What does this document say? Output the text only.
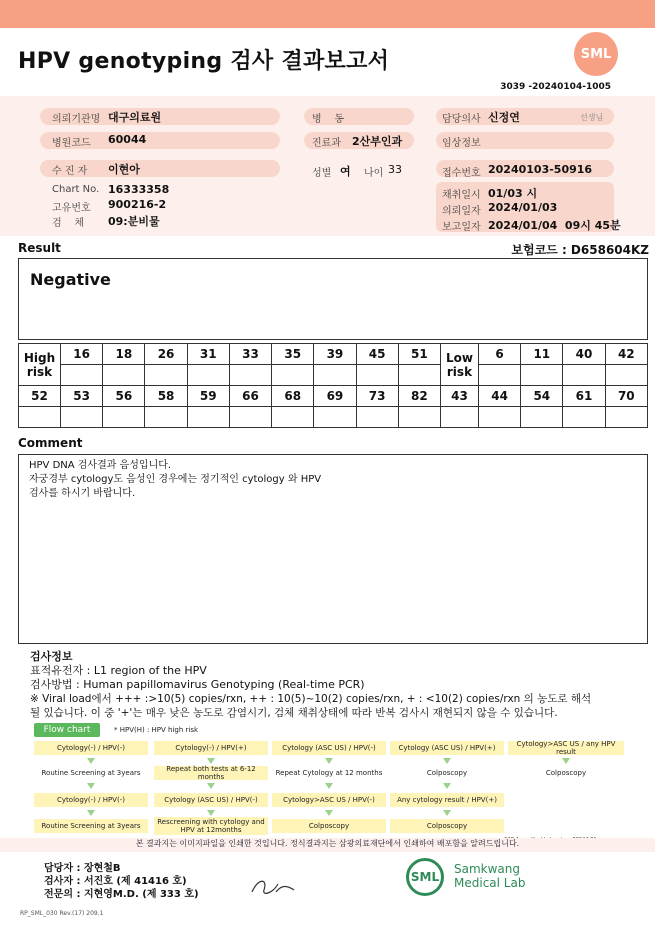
HPV genotyping 검사 결과보고서	SML
3039 -20240104-1005
의뢰기관명 대구의료원
병원코드 60044
수 진 자 이현아
Chart No. 16333358
고유번호 900216-2
검    체 09:분비물
병    동
진료과 2산부인과
성별 여 나이 33
담당의사 신정연	선생님
임상정보
접수번호 20240103-50916
채취일시 01/03 시
의뢰일자 2024/01/03
보고일자 2024/01/04  09시 45분
Result	보험코드 : D658604KZ
Negative
High risk	16	18	26	31	33	35	39	45	51	Low risk	6	11	40	42

52	53	56	58	59	66	68	69	73	82	43	44	54	61	70

Comment
HPV DNA 검사결과 음성입니다.
자궁경부 cytology도 음성인 경우에는 정기적인 cytology 와 HPV
검사를 하시기 바랍니다.
검사정보
표적유전자 : L1 region of the HPV
검사방법 : Human papillomavirus Genotyping (Real-time PCR)
※ Viral load에서 +++ :>10(5) copies/rxn, ++ : 10(5)~10(2) copies/rxn, + : <10(2) copies/rxn 의 농도로 해석
될 있습니다. 이 중 '+'는 매우 낮은 농도로 감염시기, 검체 채취상태에 따라 반복 검사시 재현되지 않을 수 있습니다.
Flow chart	* HPV(H) : HPV high risk
Cytology(-) / HPV(-)	Cytology(-) / HPV(+)	Cytology (ASC US) / HPV(-)	Cytology (ASC US) / HPV(+)	Cytology>ASC US / any HPV result
Routine Screening at 3years	Repeat both tests at 6-12 months	Repeat Cytology at 12 months	Colposcopy	Colposcopy
Cytology(-) / HPV(-)	Cytology (ASC US) / HPV(-)	Cytology>ASC US / HPV(-)	Any cytology result / HPV(+)
Routine Screening at 3years	Rescreening with cytology and HPV at 12months	Colposcopy	Colposcopy
본 결과지는 이미지파일을 인쇄한 것입니다. 정식결과지는 삼광의료재단에서 인쇄하여 배포함을 알려드립니다.
담당자 : 장현철B
검사자 : 서진호 (제 41416 호)
전문의 : 지현영M.D. (제 333 호)
SML
Samkwang
Medical Lab
RP_SML_030 Rev.(17) 209.1
